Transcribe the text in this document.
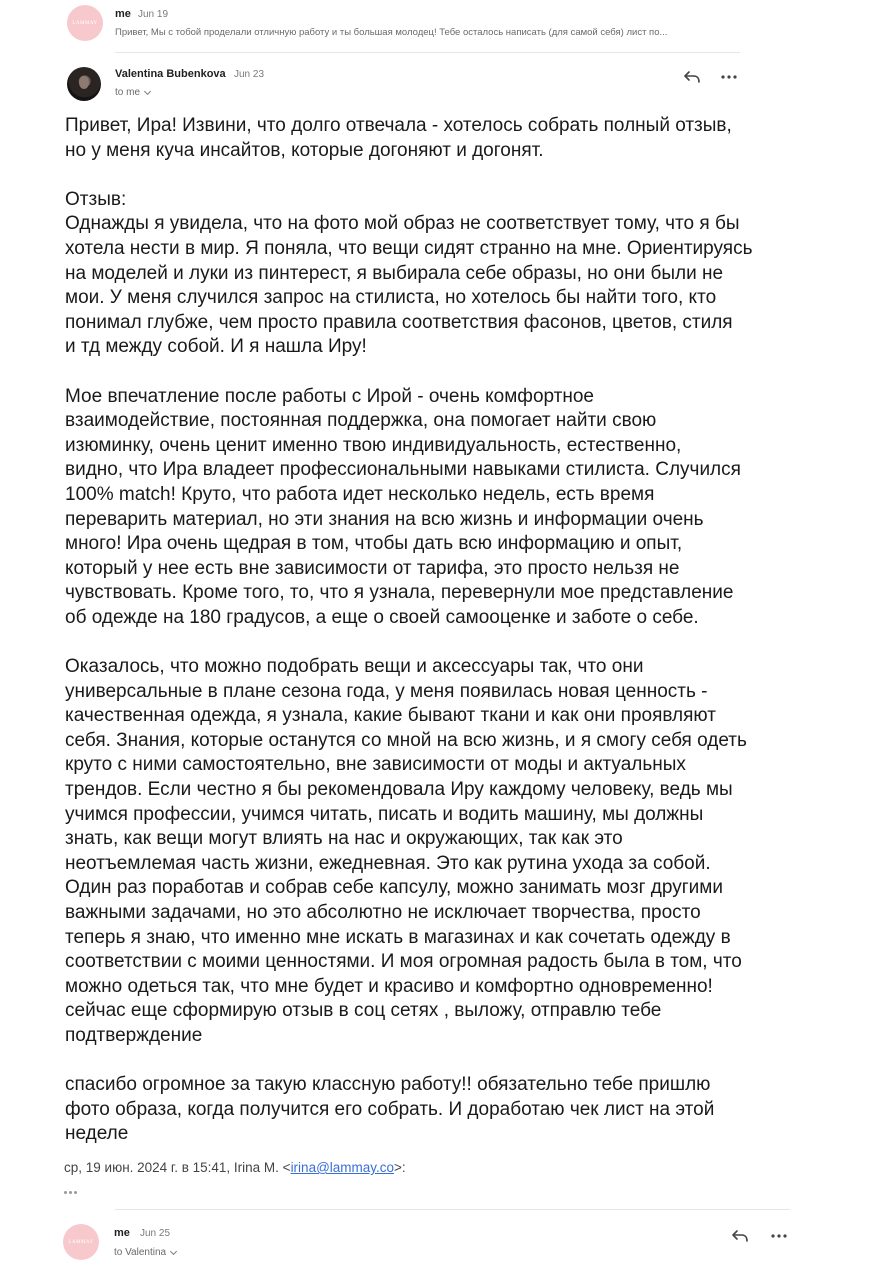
LAMMAY
me Jun 19
Привет, Мы с тобой проделали отличную работу и ты большая молодец! Тебе осталось написать (для самой себя) лист по...
Valentina Bubenkova Jun 23
to me

Привет, Ира! Извини, что долго отвечала - хотелось собрать полный отзыв,
но у меня куча инсайтов, которые догоняют и догонят.

Отзыв:
Однажды я увидела, что на фото мой образ не соответствует тому, что я бы
хотела нести в мир. Я поняла, что вещи сидят странно на мне. Ориентируясь
на моделей и луки из пинтерест, я выбирала себе образы, но они были не
мои. У меня случился запрос на стилиста, но хотелось бы найти того, кто
понимал глубже, чем просто правила соответствия фасонов, цветов, стиля
и тд между собой. И я нашла Иру!

Мое впечатление после работы с Ирой - очень комфортное
взаимодействие, постоянная поддержка, она помогает найти свою
изюминку, очень ценит именно твою индивидуальность, естественно,
видно, что Ира владеет профессиональными навыками стилиста. Случился
100% match! Круто, что работа идет несколько недель, есть время
переварить материал, но эти знания на всю жизнь и информации очень
много! Ира очень щедрая в том, чтобы дать всю информацию и опыт,
который у нее есть вне зависимости от тарифа, это просто нельзя не
чувствовать. Кроме того, то, что я узнала, перевернули мое представление
об одежде на 180 градусов, а еще о своей самооценке и заботе о себе.

Оказалось, что можно подобрать вещи и аксессуары так, что они
универсальные в плане сезона года, у меня появилась новая ценность -
качественная одежда, я узнала, какие бывают ткани и как они проявляют
себя. Знания, которые останутся со мной на всю жизнь, и я смогу себя одеть
круто с ними самостоятельно, вне зависимости от моды и актуальных
трендов. Если честно я бы рекомендовала Иру каждому человеку, ведь мы
учимся профессии, учимся читать, писать и водить машину, мы должны
знать, как вещи могут влиять на нас и окружающих, так как это
неотъемлемая часть жизни, ежедневная. Это как рутина ухода за собой.
Один раз поработав и собрав себе капсулу, можно занимать мозг другими
важными задачами, но это абсолютно не исключает творчества, просто
теперь я знаю, что именно мне искать в магазинах и как сочетать одежду в
соответствии с моими ценностями. И моя огромная радость была в том, что
можно одеться так, что мне будет и красиво и комфортно одновременно!
сейчас еще сформирую отзыв в соц сетях , выложу, отправлю тебе
подтверждение

спасибо огромное за такую классную работу!! обязательно тебе пришлю
фото образа, когда получится его собрать. И доработаю чек лист на этой
неделе

ср, 19 июн. 2024 г. в 15:41, Irina M. <irina@lammay.co>:
LAMMAY
me Jun 25
to Valentina
